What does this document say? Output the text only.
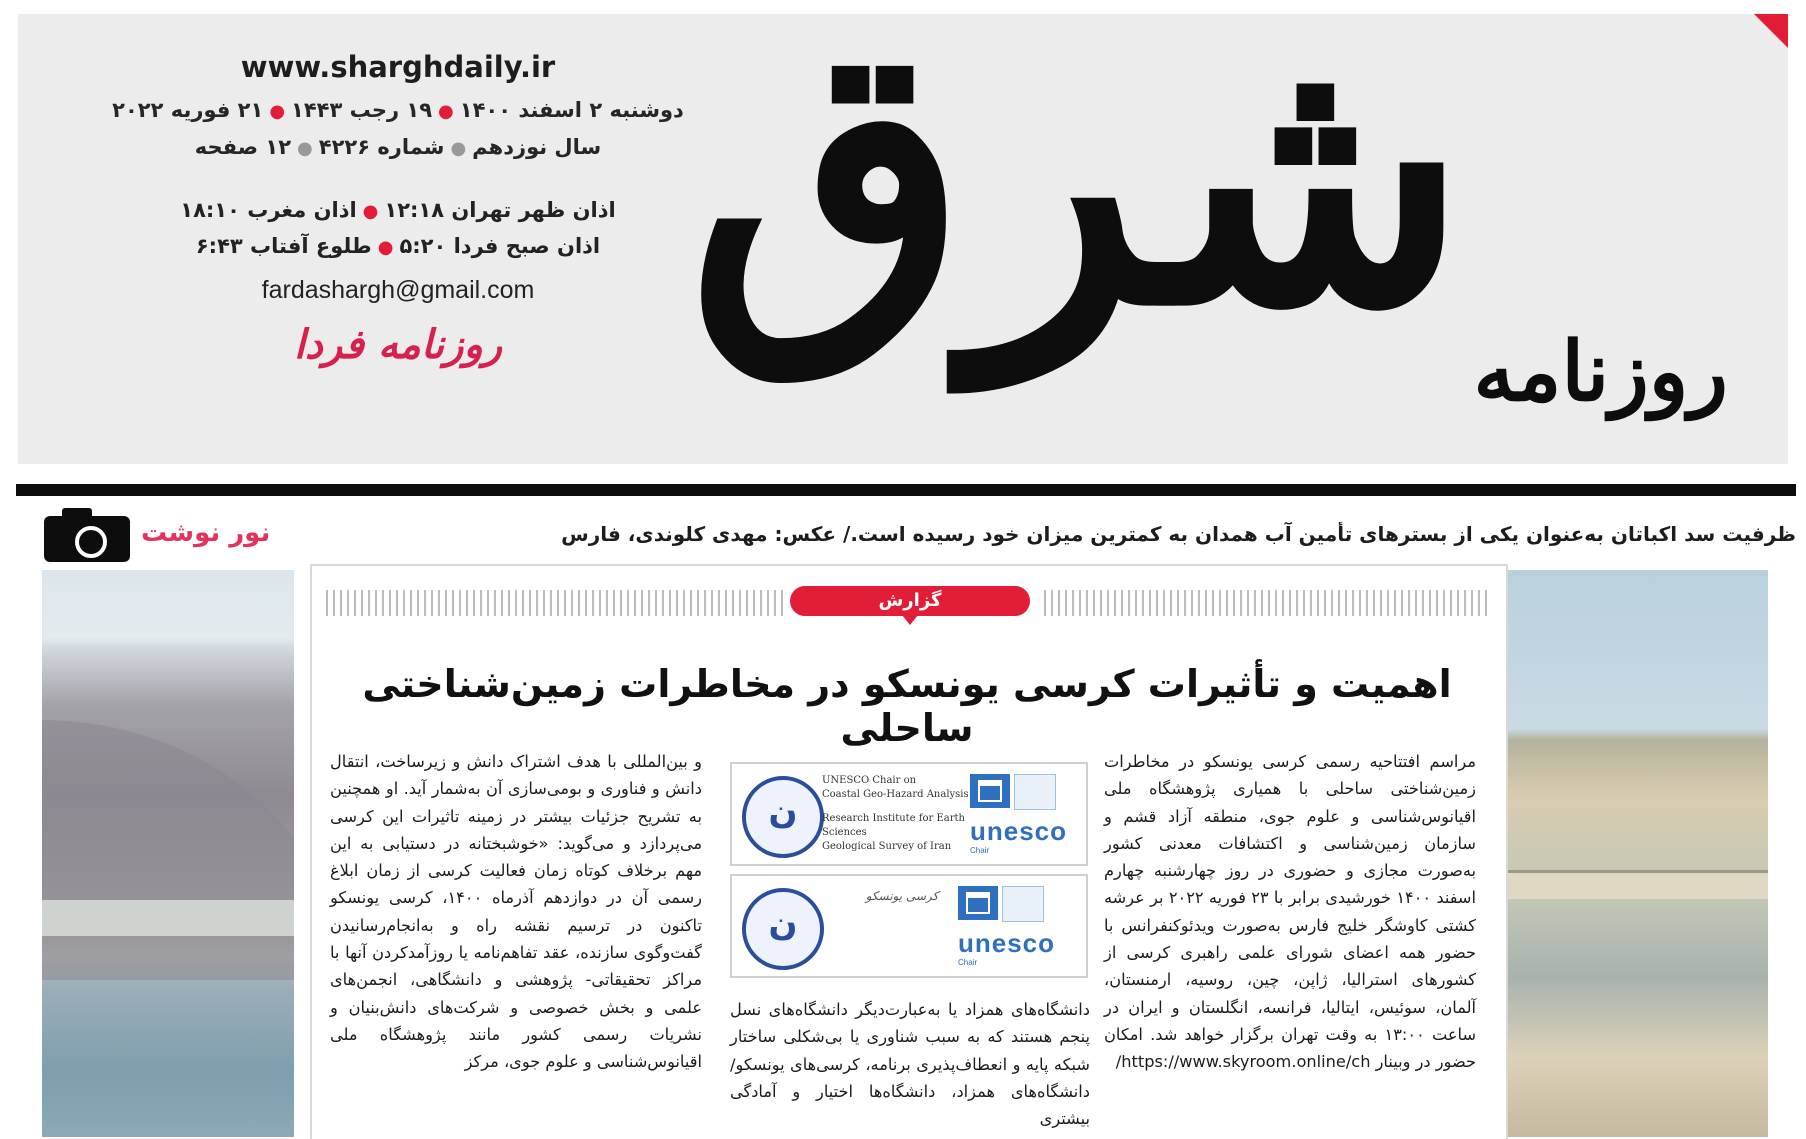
شرق روزنامه
www.sharghdaily.ir
دوشنبه ۲ اسفند ۱۴۰۰●۱۹ رجب ۱۴۴۳●۲۱ فوریه ۲۰۲۲
سال نوزدهم●شماره ۴۲۲۶●۱۲ صفحه
اذان ظهر تهران ۱۲:۱۸●اذان مغرب ۱۸:۱۰
اذان صبح فردا ۵:۲۰●طلوع آفتاب ۶:۴۳
fardashargh@gmail.com
روزنامه فردا
نور نوشت	ظرفیت سد اکباتان به‌عنوان یکی از بسترهای تأمین آب همدان به کمترین میزان خود رسیده است./ عکس: مهدی کلوندی، فارس
گزارش
اهمیت و تأثیرات کرسی یونسکو در مخاطرات زمین‌شناختی ساحلی
مراسم افتتاحیه رسمی کرسی یونسکو در مخاطرات زمین‌شناختی ساحلی با همیاری پژوهشگاه ملی اقیانوس‌شناسی و علوم جوی، منطقه آزاد قشم و سازمان زمین‌شناسی و اکتشافات معدنی کشور به‌صورت مجازی و حضوری در روز چهارشنبه چهارم اسفند ۱۴۰۰ خورشیدی برابر با ۲۳ فوریه ۲۰۲۲ بر عرشه کشتی کاوشگر خلیج فارس به‌صورت ویدئوکنفرانس با حضور همه اعضای شورای علمی راهبری کرسی از کشورهای استرالیا، ژاپن، چین، روسیه، ارمنستان، آلمان، سوئیس، ایتالیا، فرانسه، انگلستان و ایران در ساعت ۱۳:۰۰ به وقت تهران برگزار خواهد شد. امکان حضور در وبینار https://www.skyroom.online/ch/
ن
UNESCO Chair on
Coastal Geo-Hazard Analysis
Research Institute for Earth Sciences
Geological Survey of Iran
unesco
Chair
ن
کرسی یونسکو
unesco
Chair
دانشگاه‌های همزاد یا به‌عبارت‌دیگر دانشگاه‌های نسل پنجم هستند که به سبب شناوری یا بی‌شکلی ساختار شبکه پایه و انعطاف‌پذیری برنامه، کرسی‌های یونسکو/ دانشگاه‌های همزاد، دانشگاه‌ها اختیار و آمادگی بیشتری
و بین‌المللی با هدف اشتراک دانش و زیرساخت، انتقال دانش و فناوری و بومی‌سازی آن به‌شمار آید. او همچنین به تشریح جزئیات بیشتر در زمینه تاثیرات این کرسی می‌پردازد و می‌گوید: «خوشبختانه در دستیابی به این مهم برخلاف کوتاه زمان فعالیت کرسی از زمان ابلاغ رسمی آن در دوازدهم آذرماه ۱۴۰۰، کرسی یونسکو تاکنون در ترسیم نقشه راه و به‌انجام‌رسانیدن گفت‌وگوی سازنده، عقد تفاهم‌نامه یا روزآمدکردن آنها با مراکز تحقیقاتی- پژوهشی و دانشگاهی، انجمن‌های علمی و بخش خصوصی و شرکت‌های دانش‌بنیان و نشریات رسمی کشور مانند پژوهشگاه ملی اقیانوس‌شناسی و علوم جوی، مرکز
